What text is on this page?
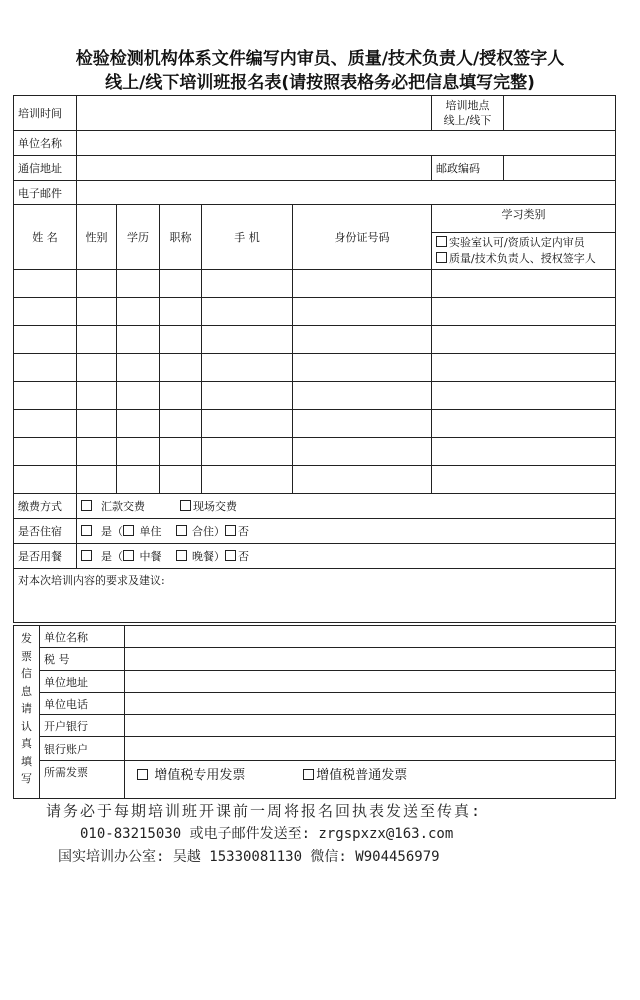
检验检测机构体系文件编写内审员、质量/技术负责人/授权签字人
线上/线下培训班报名表(请按照表格务必把信息填写完整)
培训时间						培训地点
线上/线下	
单位名称							
通信地址						邮政编码	
电子邮件							
姓 名	性别	学历	职称	手 机	身份证号码	学习类别
实验室认可/资质认定内审员
质量/技术负责人、授权签字人	

缴费方式	汇款交费 现场交费						
是否住宿	是（ 单住 合住） 否						
是否用餐	是（ 中餐 晚餐） 否						
对本次培训内容的要求及建议:							
发票信息请认真填写	单位名称	
	税 号	
	单位地址	
	单位电话	
	开户银行	
	银行账户	
	所需发票	增值税专用发票 增值税普通发票
请务必于每期培训班开课前一周将报名回执表发送至传真:
010-83215030 或电子邮件发送至: zrgspxzx@163.com
国实培训办公室: 吴越 15330081130 微信: W904456979
